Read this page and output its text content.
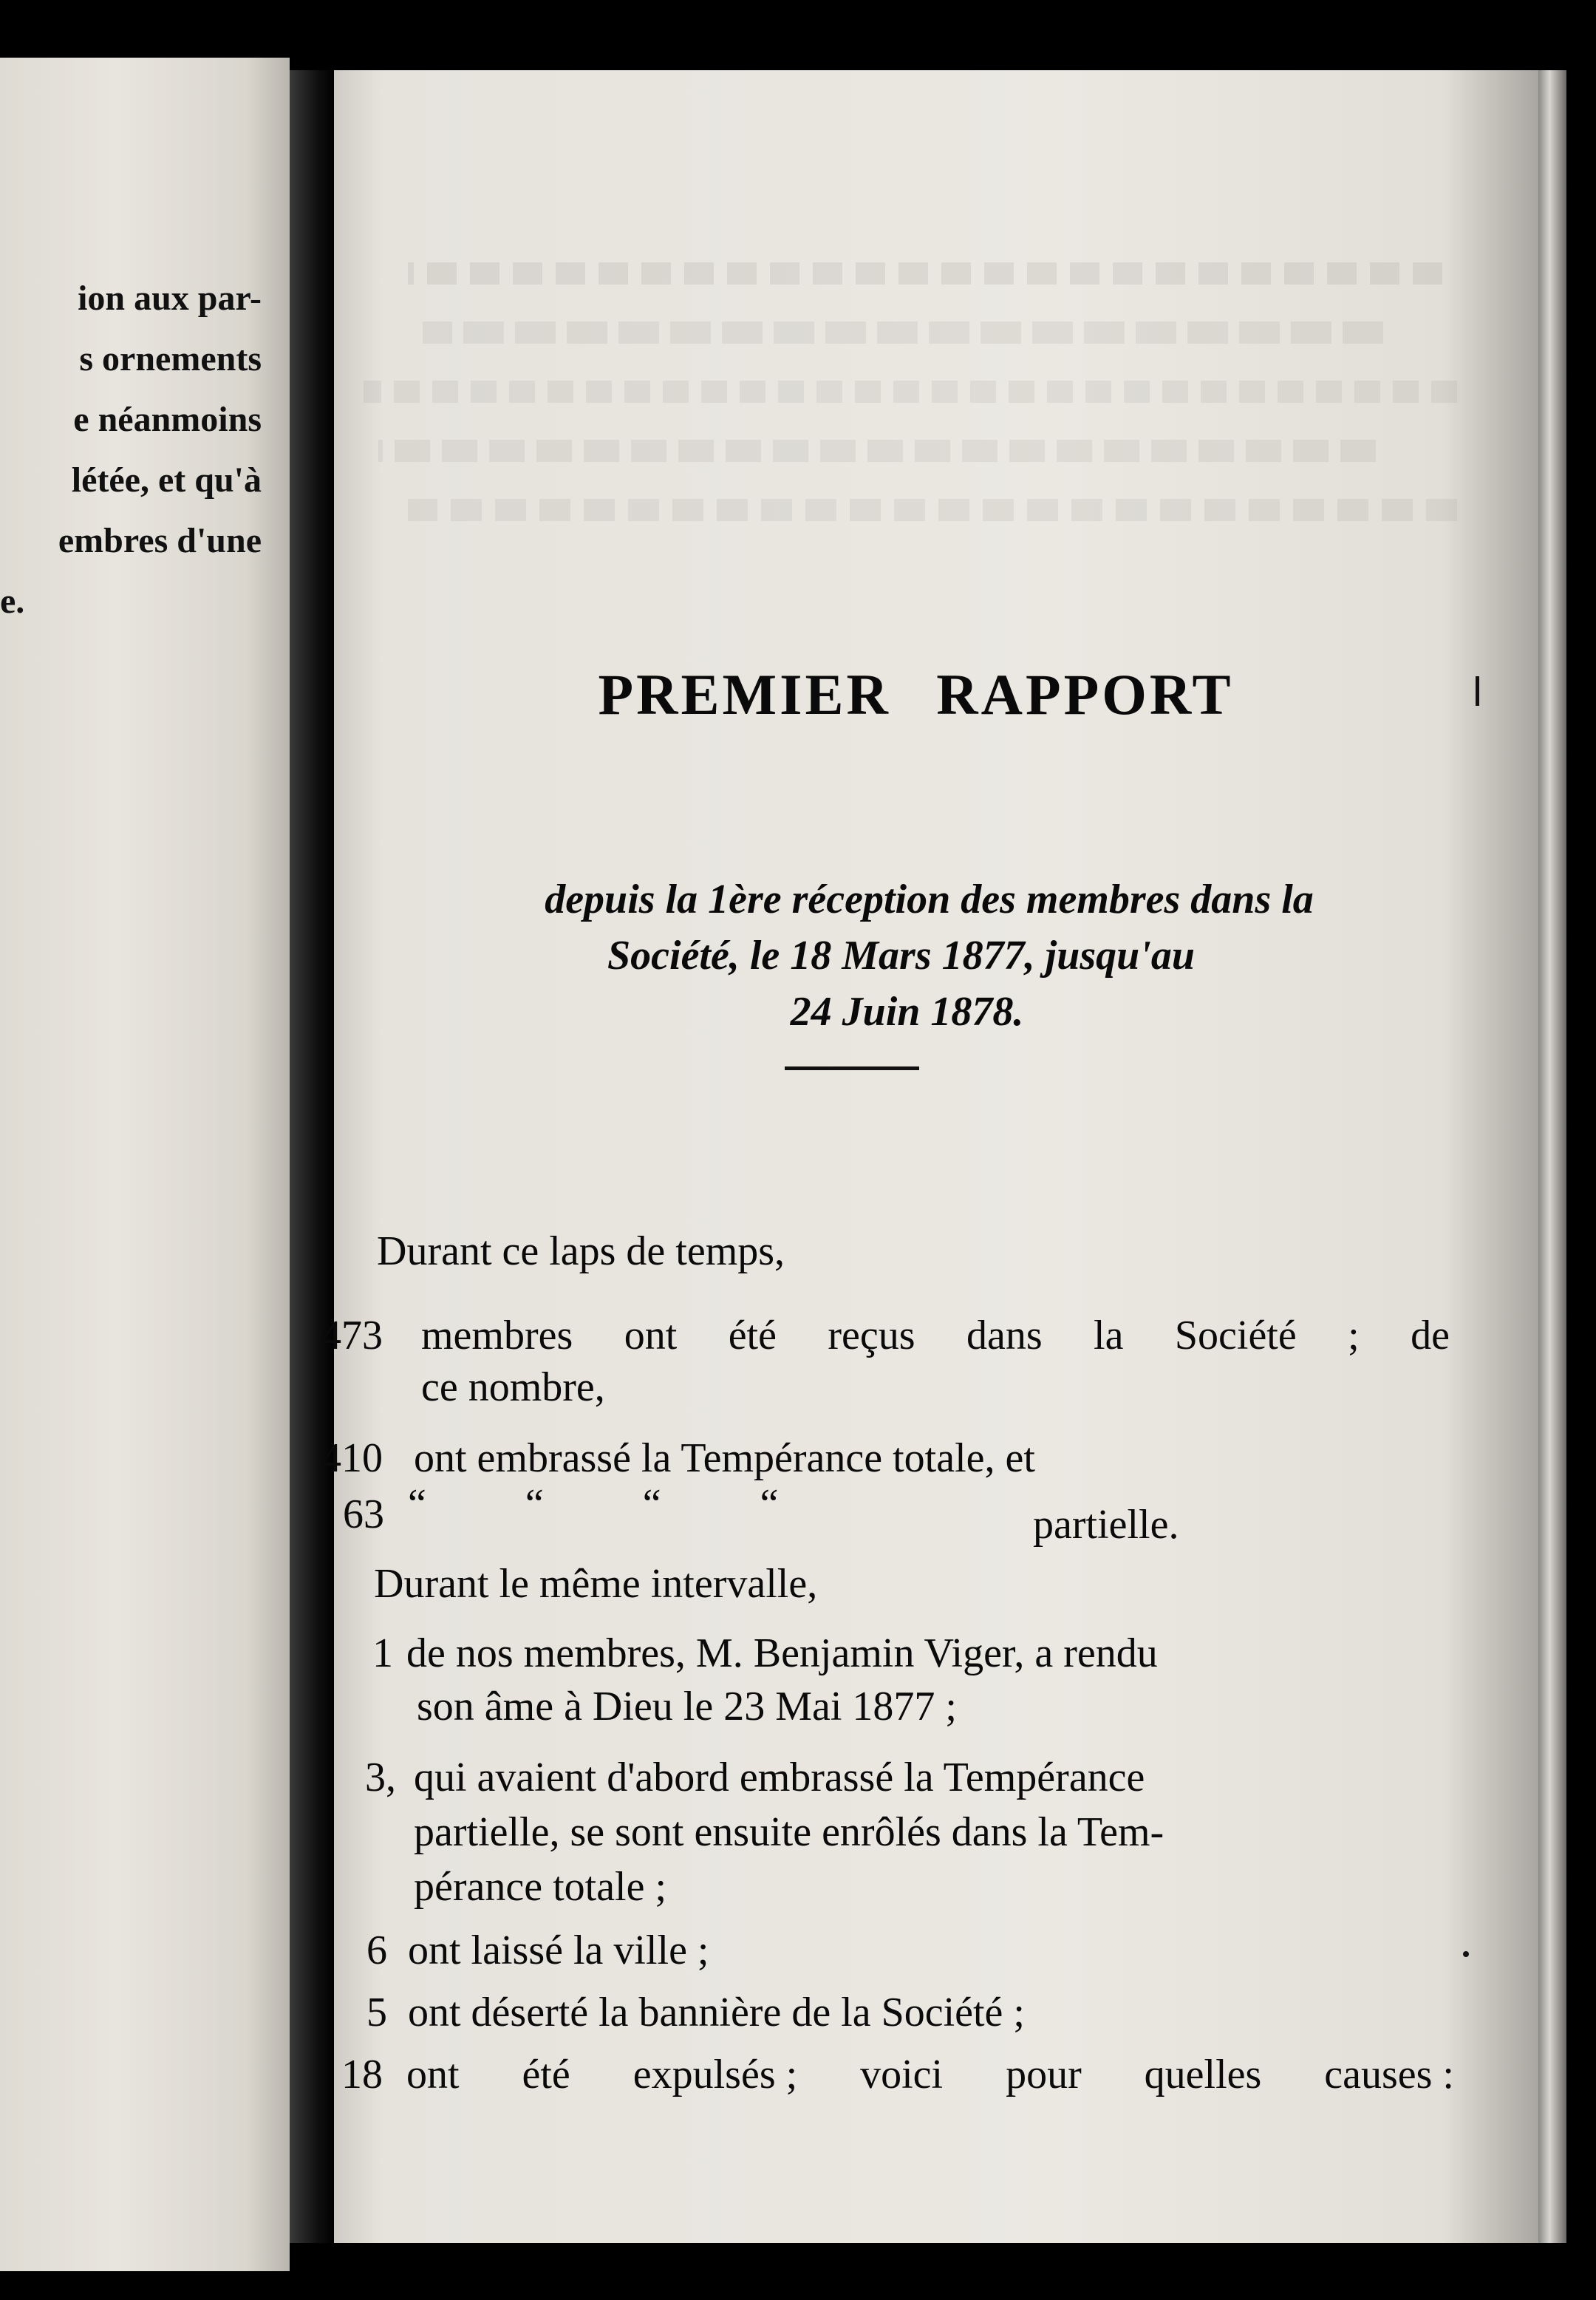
ion aux par-
s ornements
e néanmoins
létée, et qu'à
embres d'une
e.
PREMIER RAPPORT
depuis la 1ère réception des membres dans la
Société, le 18 Mars 1877, jusqu'au
24 Juin 1878.
Durant ce laps de temps,
473 membres ont été reçus dans la Société ; de
ce nombre,
410 ont embrassé la Tempérance totale, et
63 “ “ “ “	partielle.
Durant le même intervalle,
1 de nos membres, M. Benjamin Viger, a rendu
son âme à Dieu le 23 Mai 1877 ;
3, qui avaient d'abord embrassé la Tempérance
partielle, se sont ensuite enrôlés dans la Tem-
pérance totale ;
6 ont laissé la ville ;
5 ont déserté la bannière de la Société ;
18 ont été expulsés ; voici pour quelles causes :
